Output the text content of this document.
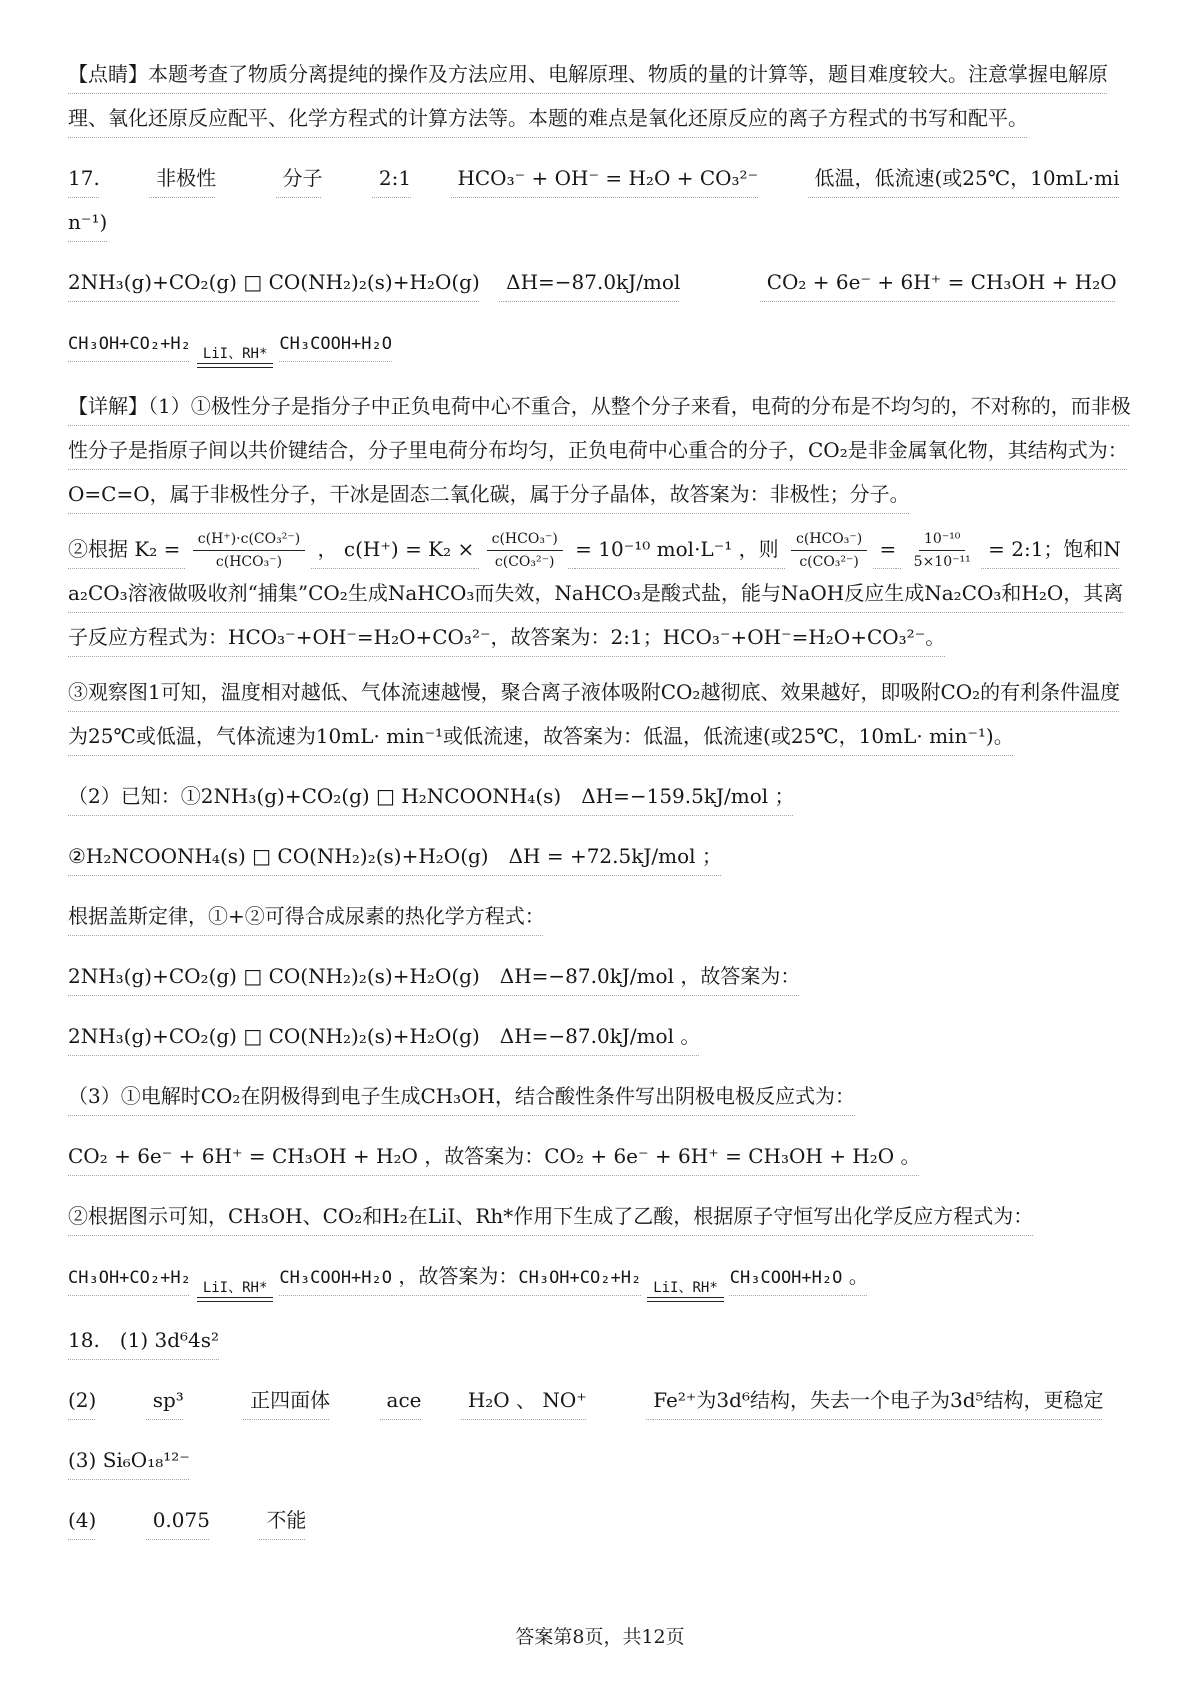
【点睛】本题考查了物质分离提纯的操作及方法应用、电解原理、物质的量的计算等，题目难度较大。注意掌握电解原理、氧化还原反应配平、化学方程式的计算方法等。本题的难点是氧化还原反应的离子方程式的书写和配平。

17.	非极性	分子	2:1 HCO₃⁻ + OH⁻ = H₂O + CO₃²⁻	低温，低流速(或25℃，10mL·min⁻¹)

2NH₃(g)+CO₂(g) □ CO(NH₂)₂(s)+H₂O(g) ΔH=−87.0kJ/mol	CO₂ + 6e⁻ + 6H⁺ = CH₃OH + H₂O

CH₃OH+CO₂+H₂ LiI、RH* CH₃COOH+H₂O

【详解】（1）①极性分子是指分子中正负电荷中心不重合，从整个分子来看，电荷的分布是不均匀的，不对称的，而非极性分子是指原子间以共价键结合，分子里电荷分布均匀，正负电荷中心重合的分子，CO₂是非金属氧化物，其结构式为：O=C=O，属于非极性分子，干冰是固态二氧化碳，属于分子晶体，故答案为：非极性；分子。

②根据 $K_2 = \frac{\text{c(H⁺)·c(CO₃²⁻)}}{\text{c(HCO₃⁻)}}$ ， $c(H^+) = K_2 \times \frac{\text{c(HCO₃⁻)}}{\text{c(CO₃²⁻)}} = 10^{-10}$ mol·L⁻¹ ，则 $\frac{\text{c(HCO₃⁻)}}{\text{c(CO₃²⁻)}} = \frac{\text{10⁻¹⁰}}{\text{5×10⁻¹¹}}$ = 2:1；饱和Na₂CO₃溶液做吸收剂“捕集”CO₂生成NaHCO₃而失效，NaHCO₃是酸式盐，能与NaOH反应生成Na₂CO₃和H₂O，其离子反应方程式为：HCO₃⁻+OH⁻=H₂O+CO₃²⁻，故答案为：2:1；HCO₃⁻+OH⁻=H₂O+CO₃²⁻。

③观察图1可知，温度相对越低、气体流速越慢，聚合离子液体吸附CO₂越彻底、效果越好，即吸附CO₂的有利条件温度为25℃或低温，气体流速为10mL· min⁻¹或低流速，故答案为：低温，低流速(或25℃，10mL· min⁻¹)。

（2）已知：①2NH₃(g)+CO₂(g) □ H₂NCOONH₄(s)　ΔH=−159.5kJ/mol ；

②H₂NCOONH₄(s) □ CO(NH₂)₂(s)+H₂O(g)　ΔH = +72.5kJ/mol ；

根据盖斯定律，①+②可得合成尿素的热化学方程式：

2NH₃(g)+CO₂(g) □ CO(NH₂)₂(s)+H₂O(g)　ΔH=−87.0kJ/mol ，故答案为：

2NH₃(g)+CO₂(g) □ CO(NH₂)₂(s)+H₂O(g)　ΔH=−87.0kJ/mol 。

（3）①电解时CO₂在阴极得到电子生成CH₃OH，结合酸性条件写出阴极电极反应式为：

CO₂ + 6e⁻ + 6H⁺ = CH₃OH + H₂O ，故答案为：CO₂ + 6e⁻ + 6H⁺ = CH₃OH + H₂O 。

②根据图示可知，CH₃OH、CO₂和H₂在LiI、Rh*作用下生成了乙酸，根据原子守恒写出化学反应方程式为：

CH₃OH+CO₂+H₂ LiI、RH* CH₃COOH+H₂O ，故答案为：CH₃OH+CO₂+H₂ LiI、RH* CH₃COOH+H₂O 。

18.　(1) 3d⁶4s²

(2)	sp³	正四面体	ace H₂O 、 NO⁺	Fe²⁺为3d⁶结构，失去一个电子为3d⁵结构，更稳定

(3) Si₆O₁₈¹²⁻

(4)	0.075	不能

答案第8页，共12页
